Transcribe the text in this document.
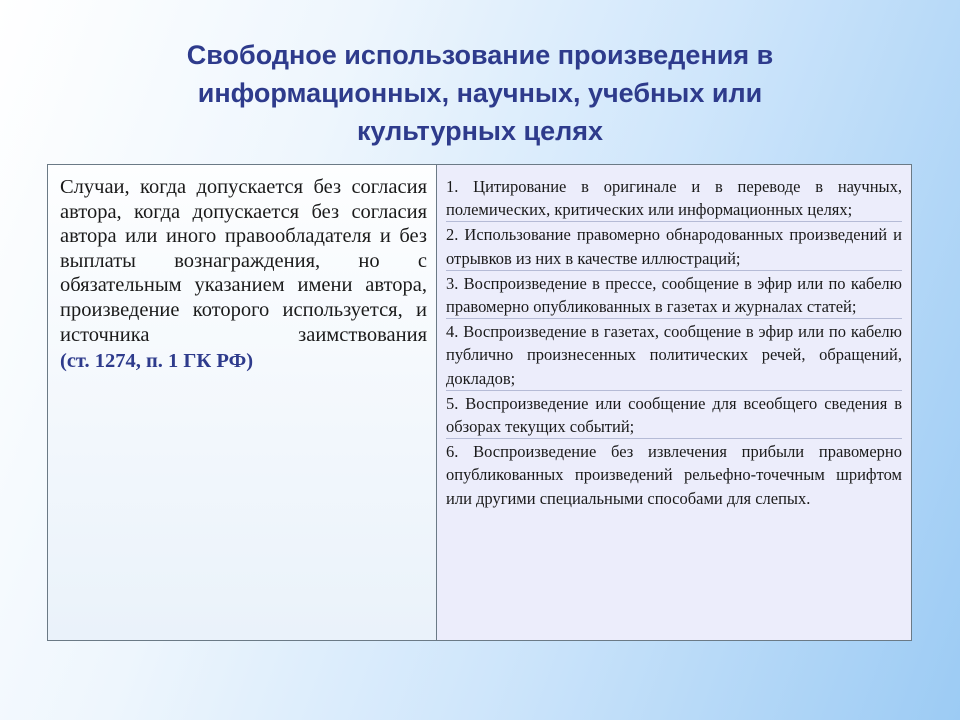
Свободное использование произведения в
информационных, научных, учебных или
культурных целях

Случаи, когда допускается без согласия автора, когда допускается без согласия автора или иного правообладателя и без выплаты вознаграждения, но с обязательным указанием имени автора, произведение которого используется, и источника заимствования

(ст. 1274, п. 1 ГК РФ)

1. Цитирование в оригинале и в переводе в научных, полемических, критических или информационных целях;

2. Использование правомерно обнародованных произведений и отрывков из них в качестве иллюстраций;

3. Воспроизведение в прессе, сообщение в эфир или по кабелю правомерно опубликованных в газетах и журналах статей;

4. Воспроизведение в газетах, сообщение в эфир или по кабелю публично произнесенных политических речей, обращений, докладов;

5. Воспроизведение или сообщение для всеобщего сведения в обзорах текущих событий;

6. Воспроизведение без извлечения прибыли правомерно опубликованных произведений рельефно-точечным шрифтом или другими специальными способами для слепых.
